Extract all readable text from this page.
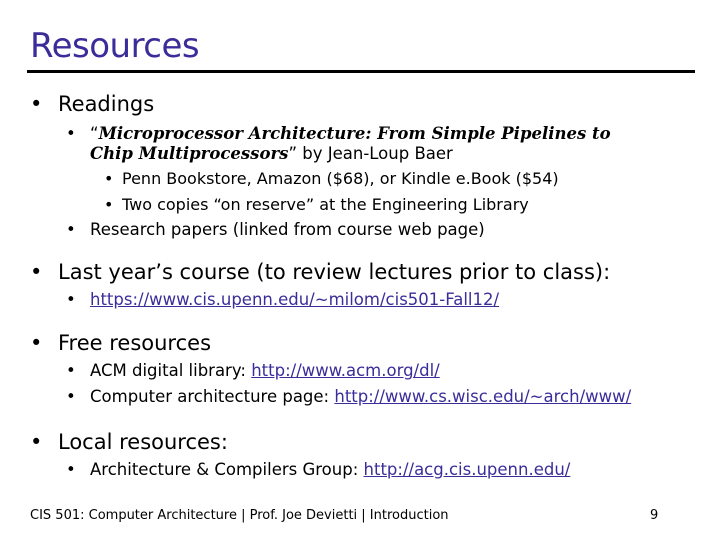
Resources
• Readings
• “Microprocessor Architecture: From Simple Pipelines to
Chip Multiprocessors” by Jean-Loup Baer
• Penn Bookstore, Amazon ($68), or Kindle e.Book ($54)
• Two copies “on reserve” at the Engineering Library
• Research papers (linked from course web page)
• Last year’s course (to review lectures prior to class):
• https://www.cis.upenn.edu/~milom/cis501-Fall12/
• Free resources
• ACM digital library: http://www.acm.org/dl/
• Computer architecture page: http://www.cs.wisc.edu/~arch/www/
• Local resources:
• Architecture & Compilers Group: http://acg.cis.upenn.edu/
CIS 501: Computer Architecture | Prof. Joe Devietti | Introduction	9
